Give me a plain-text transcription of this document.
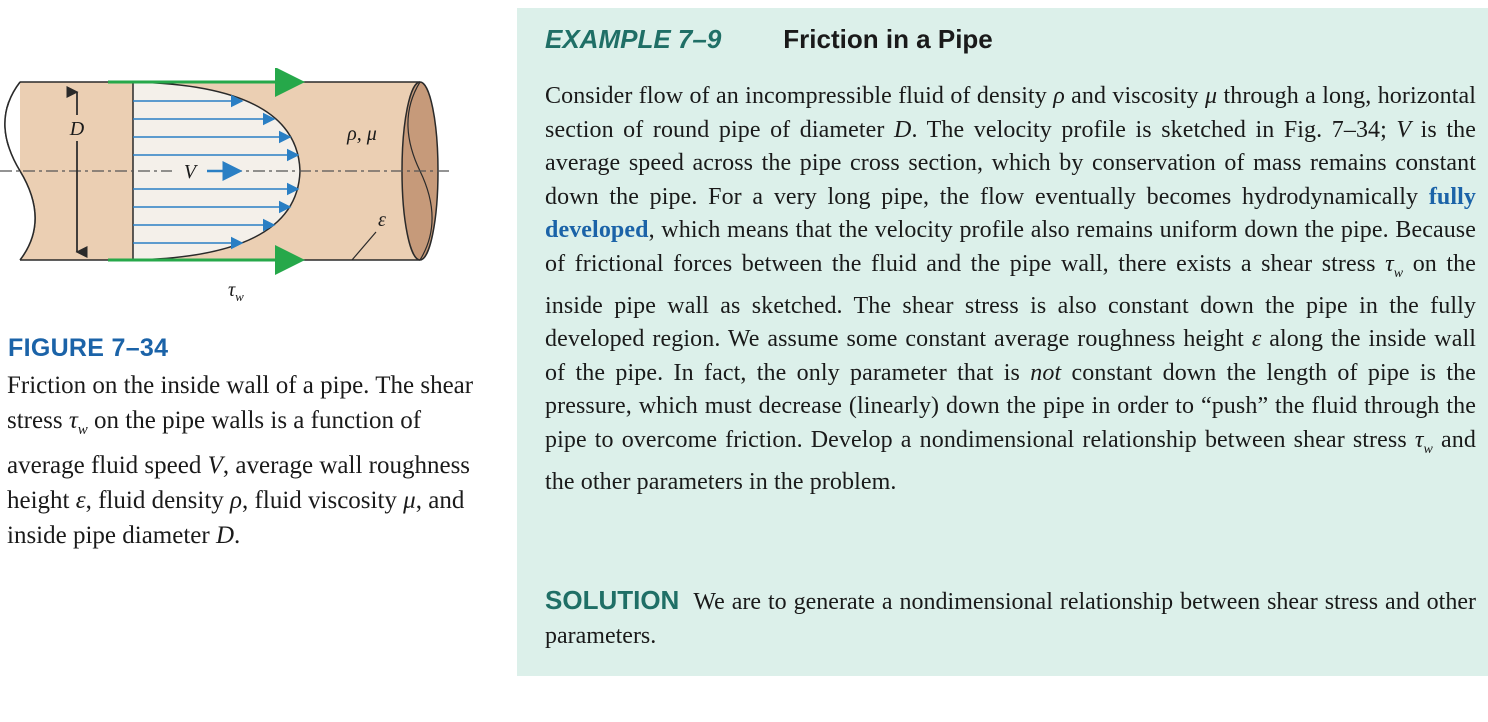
V
D	ρ, μ
ε
$\tau_w$
FIGURE 7–34
Friction on the inside wall of a pipe. The shear stress $\tau_w$ on the pipe walls is a function of average fluid speed V, average wall roughness height ε, fluid density ρ, fluid viscosity μ, and inside pipe diameter D.
EXAMPLE 7–9 Friction in a Pipe
Consider flow of an incompressible fluid of density ρ and viscosity μ through a long, horizontal section of round pipe of diameter D. The velocity profile is sketched in Fig. 7–34; V is the average speed across the pipe cross section, which by conservation of mass remains constant down the pipe. For a very long pipe, the flow eventually becomes hydrodynamically fully developed, which means that the velocity profile also remains uniform down the pipe. Because of frictional forces between the fluid and the pipe wall, there exists a shear stress $\tau_w$ on the inside pipe wall as sketched. The shear stress is also constant down the pipe in the fully developed region. We assume some constant average roughness height ε along the inside wall of the pipe. In fact, the only parameter that is not constant down the length of pipe is the pressure, which must decrease (linearly) down the pipe in order to “push” the fluid through the pipe to overcome friction. Develop a nondimensional relationship between shear stress $\tau_w$ and the other parameters in the problem.
SOLUTION We are to generate a nondimensional relationship between shear stress and other parameters.
